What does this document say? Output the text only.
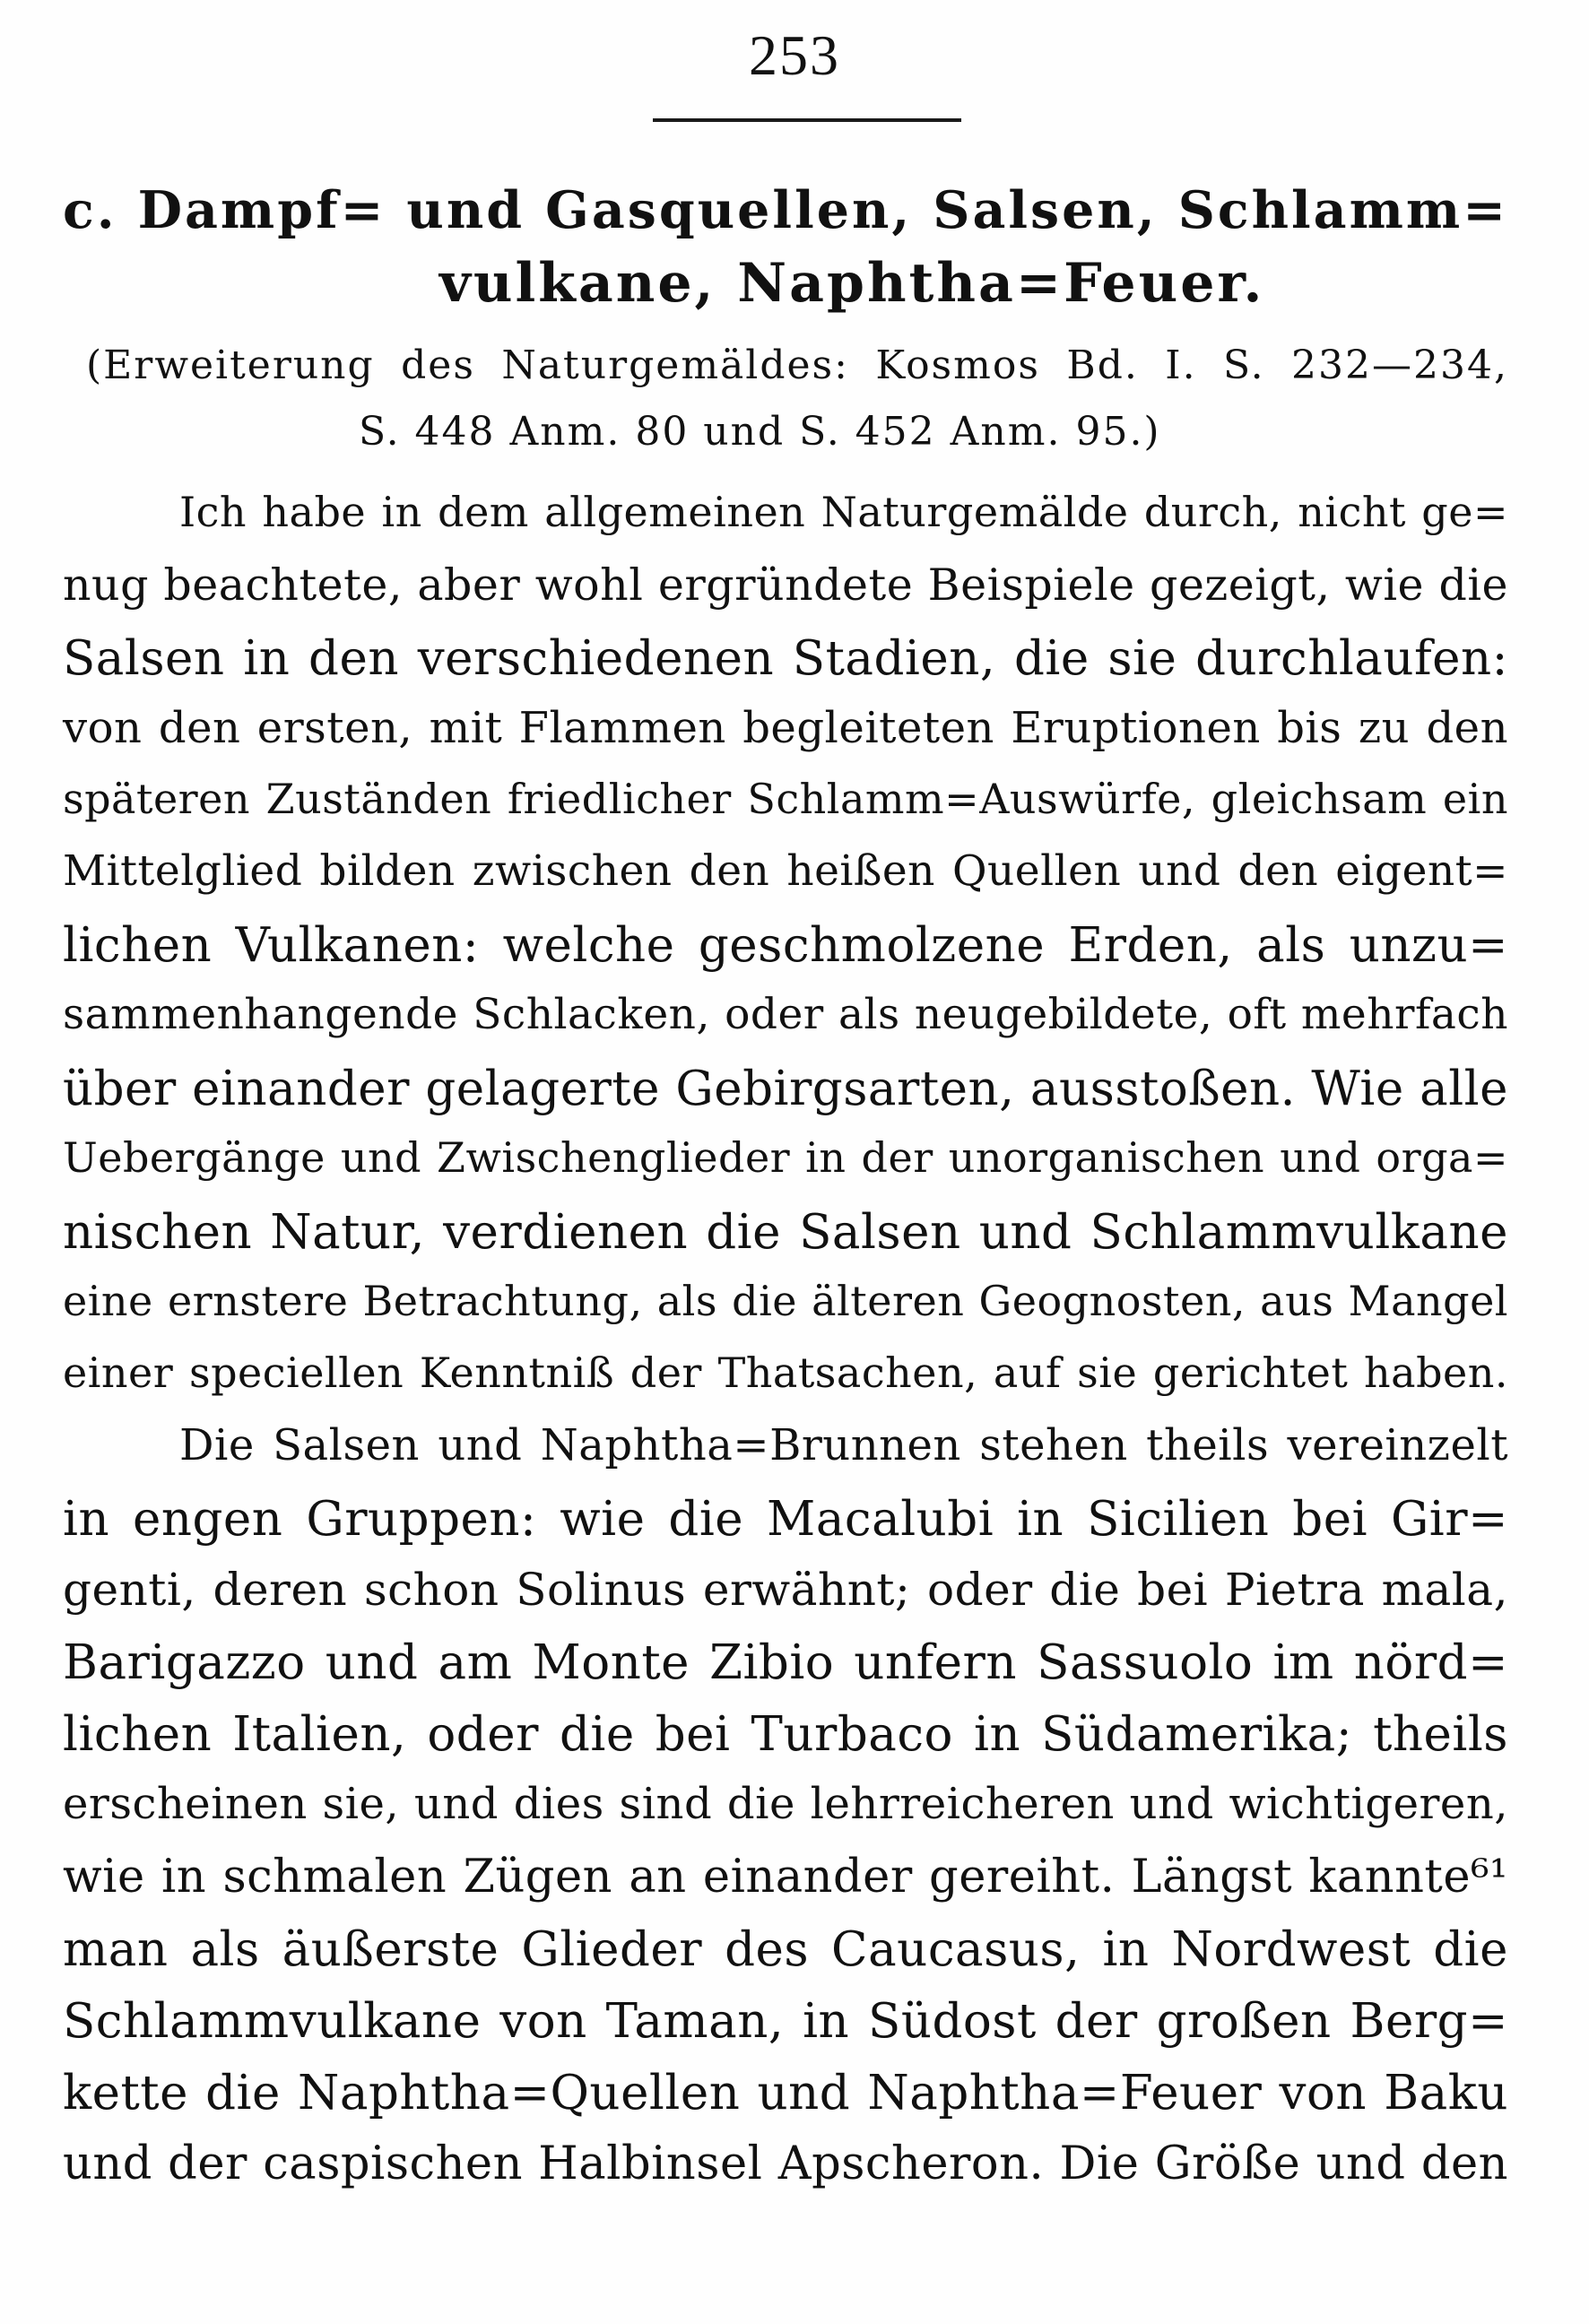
253
c. Dampf= und Gasquellen, Salsen, Schlamm=
vulkane, Naphtha=Feuer.
(Erweiterung des Naturgemäldes: Kosmos Bd. I. S. 232—234,
S. 448 Anm. 80 und S. 452 Anm. 95.)
Ich habe in dem allgemeinen Naturgemälde durch, nicht ge=
nug beachtete, aber wohl ergründete Beispiele gezeigt, wie die
Salsen in den verschiedenen Stadien, die sie durchlaufen:
von den ersten, mit Flammen begleiteten Eruptionen bis zu den
späteren Zuständen friedlicher Schlamm=Auswürfe, gleichsam ein
Mittelglied bilden zwischen den heißen Quellen und den eigent=
lichen Vulkanen: welche geschmolzene Erden, als unzu=
sammenhangende Schlacken, oder als neugebildete, oft mehrfach
über einander gelagerte Gebirgsarten, ausstoßen. Wie alle
Uebergänge und Zwischenglieder in der unorganischen und orga=
nischen Natur, verdienen die Salsen und Schlammvulkane
eine ernstere Betrachtung, als die älteren Geognosten, aus Mangel
einer speciellen Kenntniß der Thatsachen, auf sie gerichtet haben.
Die Salsen und Naphtha=Brunnen stehen theils vereinzelt
in engen Gruppen: wie die Macalubi in Sicilien bei Gir=
genti, deren schon Solinus erwähnt; oder die bei Pietra mala,
Barigazzo und am Monte Zibio unfern Sassuolo im nörd=
lichen Italien, oder die bei Turbaco in Südamerika; theils
erscheinen sie, und dies sind die lehrreicheren und wichtigeren,
wie in schmalen Zügen an einander gereiht. Längst kannte⁶¹
man als äußerste Glieder des Caucasus, in Nordwest die
Schlammvulkane von Taman, in Südost der großen Berg=
kette die Naphtha=Quellen und Naphtha=Feuer von Baku
und der caspischen Halbinsel Apscheron. Die Größe und den
